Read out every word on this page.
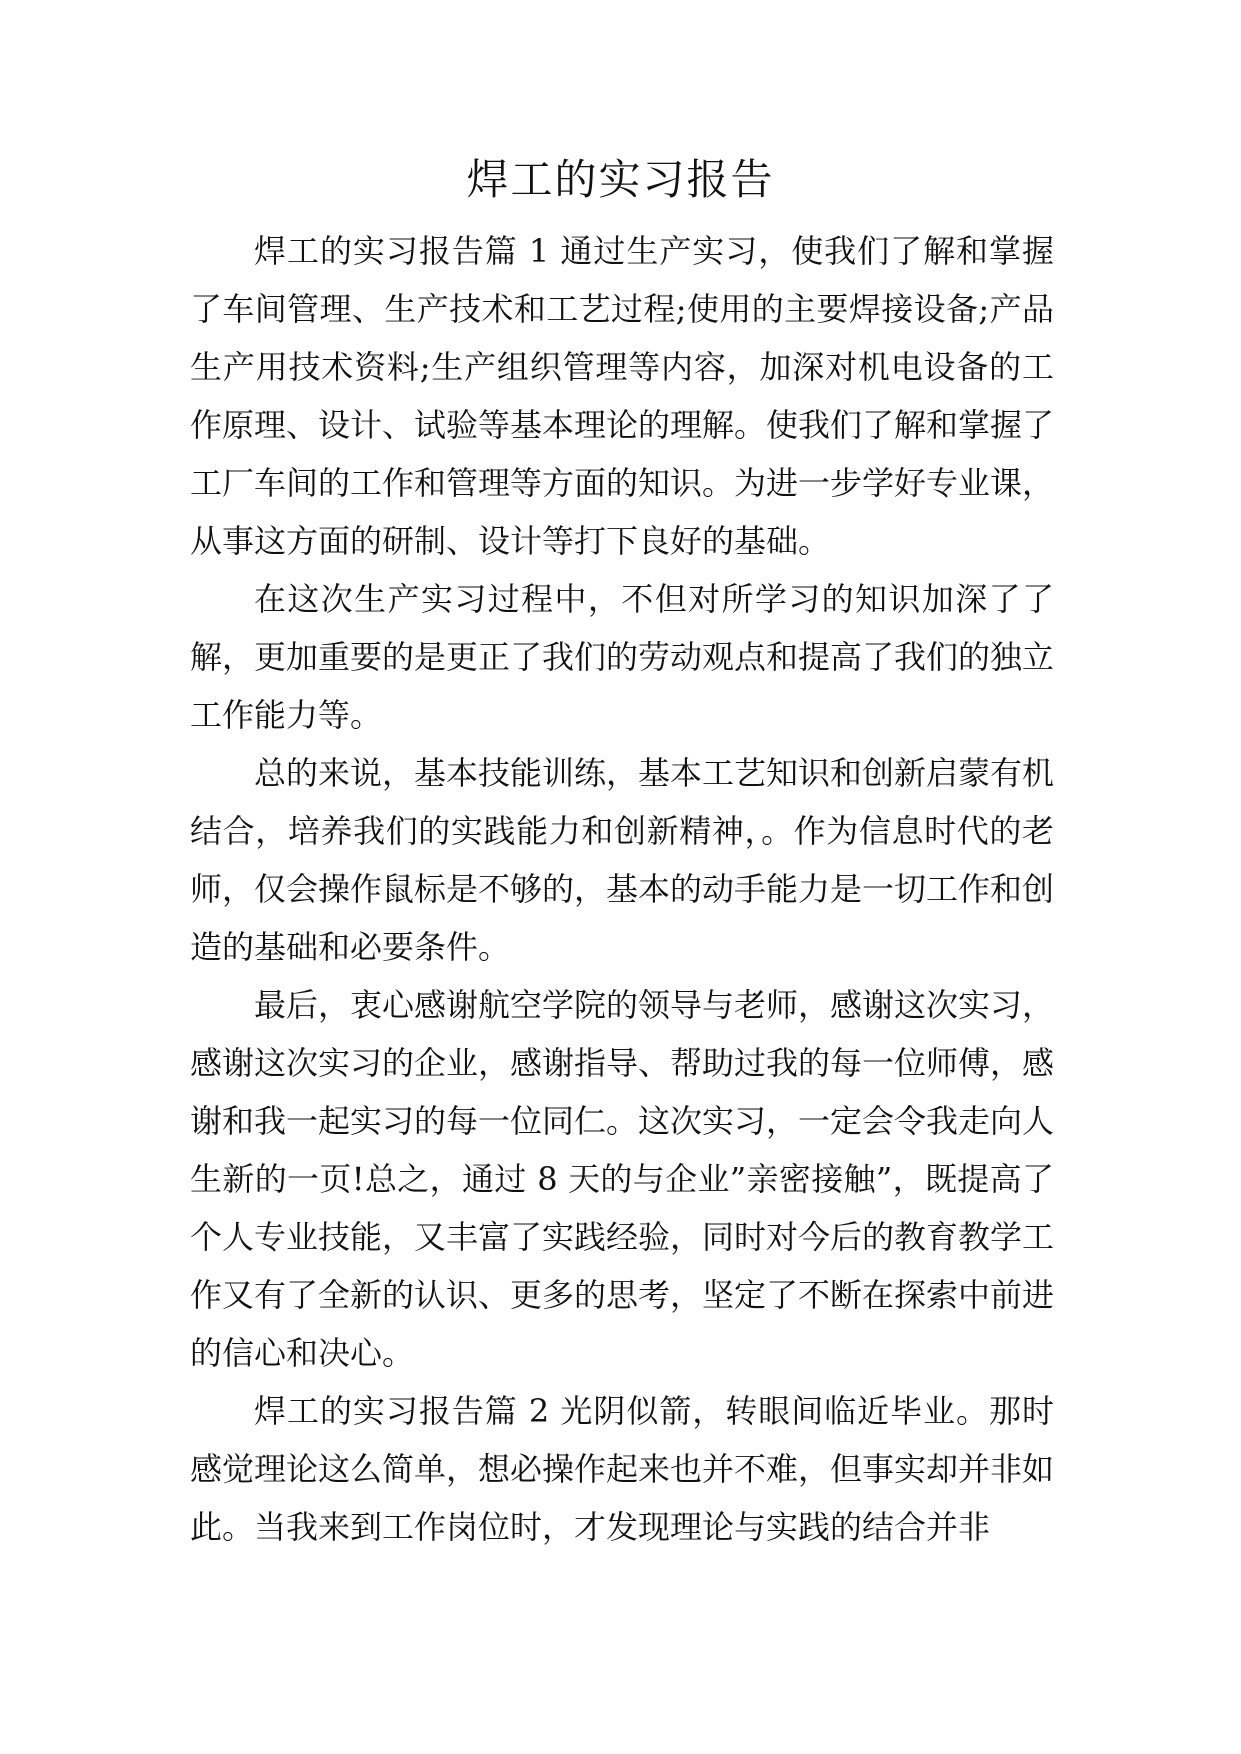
焊工的实习报告

焊工的实习报告篇 1 通过生产实习，使我们了解和掌握了车间管理、生产技术和工艺过程;使用的主要焊接设备;产品生产用技术资料;生产组织管理等内容，加深对机电设备的工作原理、设计、试验等基本理论的理解。使我们了解和掌握了工厂车间的工作和管理等方面的知识。为进一步学好专业课，从事这方面的研制、设计等打下良好的基础。

在这次生产实习过程中，不但对所学习的知识加深了了解，更加重要的是更正了我们的劳动观点和提高了我们的独立工作能力等。

总的来说，基本技能训练，基本工艺知识和创新启蒙有机结合，培养我们的实践能力和创新精神，。作为信息时代的老师，仅会操作鼠标是不够的，基本的动手能力是一切工作和创造的基础和必要条件。

最后，衷心感谢航空学院的领导与老师，感谢这次实习，感谢这次实习的企业，感谢指导、帮助过我的每一位师傅，感谢和我一起实习的每一位同仁。这次实习，一定会令我走向人生新的一页!总之，通过 8 天的与企业”亲密接触”，既提高了个人专业技能，又丰富了实践经验，同时对今后的教育教学工作又有了全新的认识、更多的思考，坚定了不断在探索中前进的信心和决心。

焊工的实习报告篇 2 光阴似箭，转眼间临近毕业。那时感觉理论这么简单，想必操作起来也并不难，但事实却并非如此。当我来到工作岗位时，才发现理论与实践的结合并非
